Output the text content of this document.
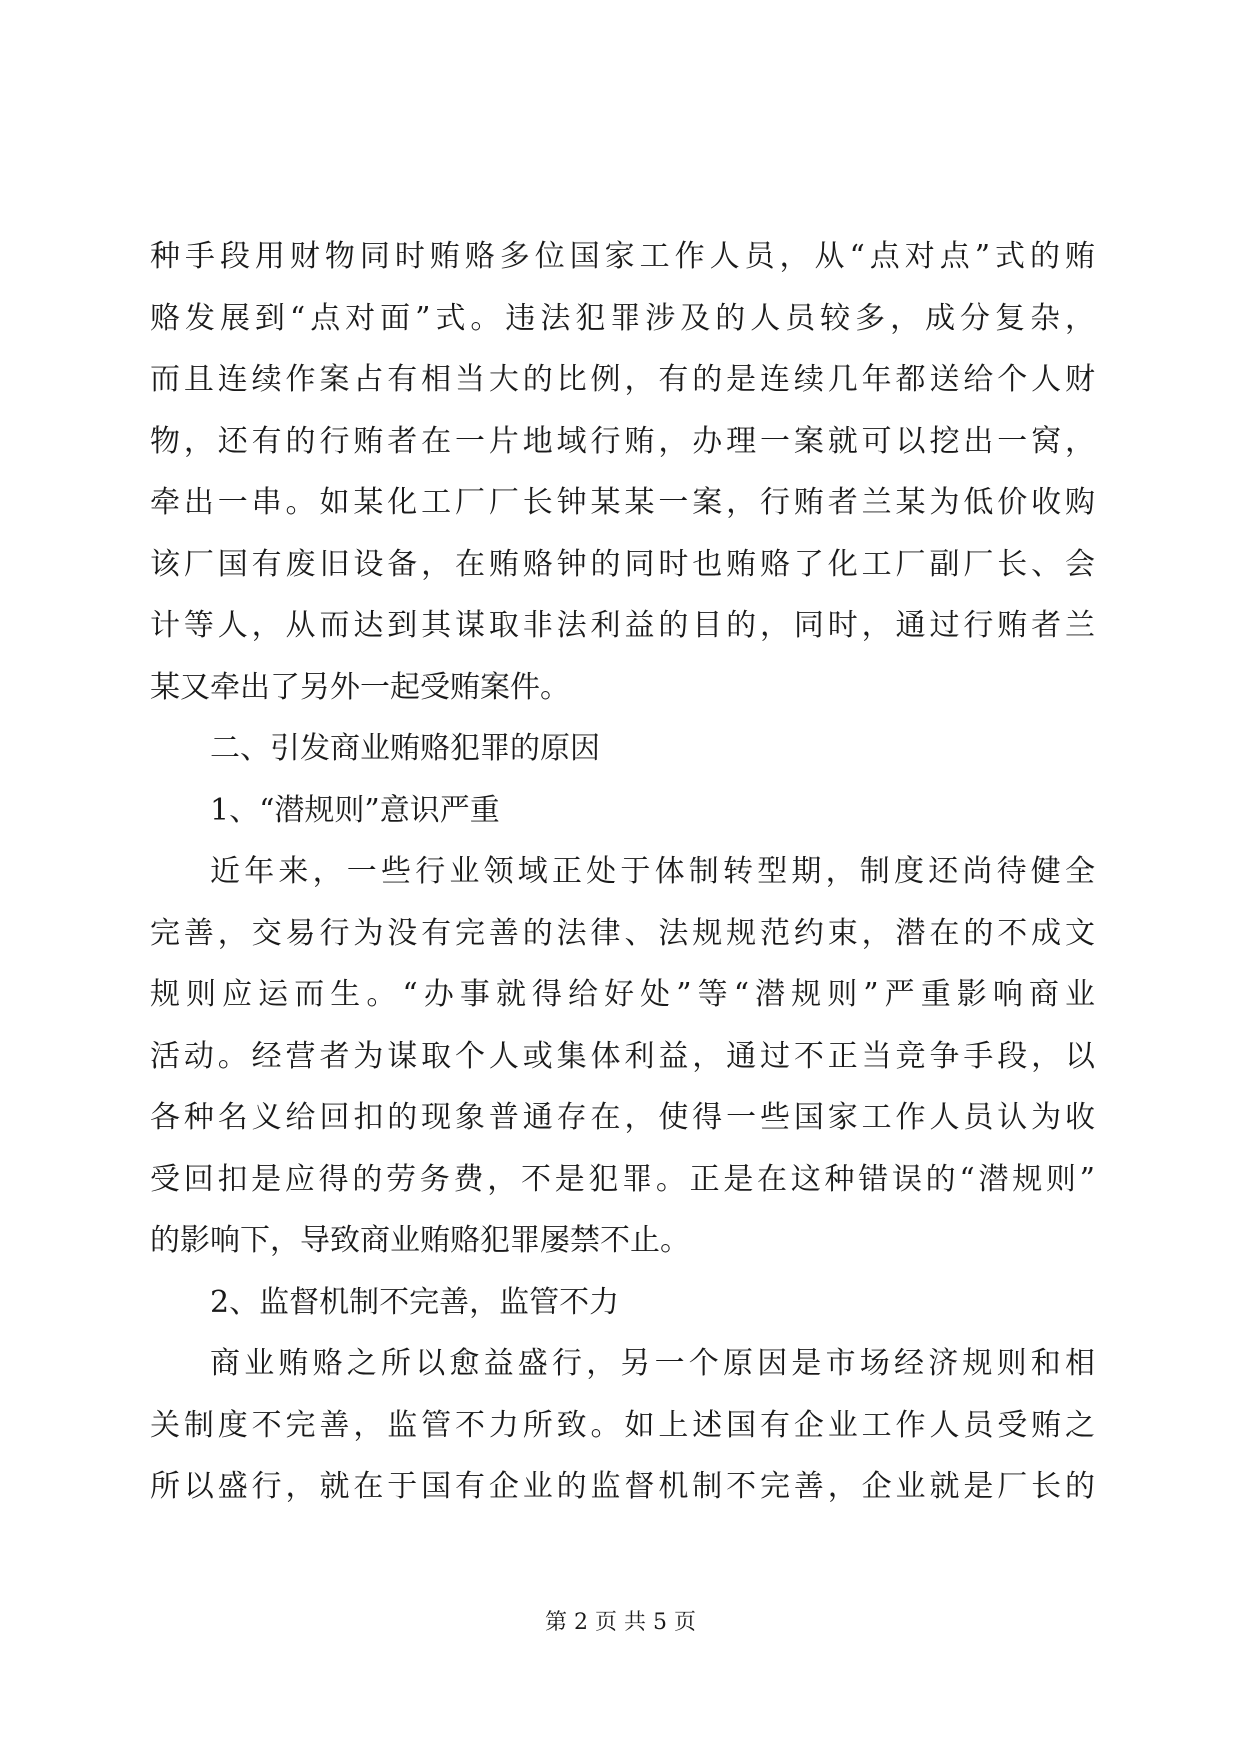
种手段用财物同时贿赂多位国家工作人员，从“点对点”式的贿
赂发展到“点对面”式。违法犯罪涉及的人员较多，成分复杂，
而且连续作案占有相当大的比例，有的是连续几年都送给个人财
物，还有的行贿者在一片地域行贿，办理一案就可以挖出一窝，
牵出一串。如某化工厂厂长钟某某一案，行贿者兰某为低价收购
该厂国有废旧设备，在贿赂钟的同时也贿赂了化工厂副厂长、会
计等人，从而达到其谋取非法利益的目的，同时，通过行贿者兰
某又牵出了另外一起受贿案件。
二、引发商业贿赂犯罪的原因
1、“潜规则”意识严重
近年来，一些行业领域正处于体制转型期，制度还尚待健全
完善，交易行为没有完善的法律、法规规范约束，潜在的不成文
规则应运而生。“办事就得给好处”等“潜规则”严重影响商业
活动。经营者为谋取个人或集体利益，通过不正当竞争手段，以
各种名义给回扣的现象普通存在，使得一些国家工作人员认为收
受回扣是应得的劳务费，不是犯罪。正是在这种错误的“潜规则”
的影响下，导致商业贿赂犯罪屡禁不止。
2、监督机制不完善，监管不力
商业贿赂之所以愈益盛行，另一个原因是市场经济规则和相
关制度不完善，监管不力所致。如上述国有企业工作人员受贿之
所以盛行，就在于国有企业的监督机制不完善，企业就是厂长的
第 2 页 共 5 页
